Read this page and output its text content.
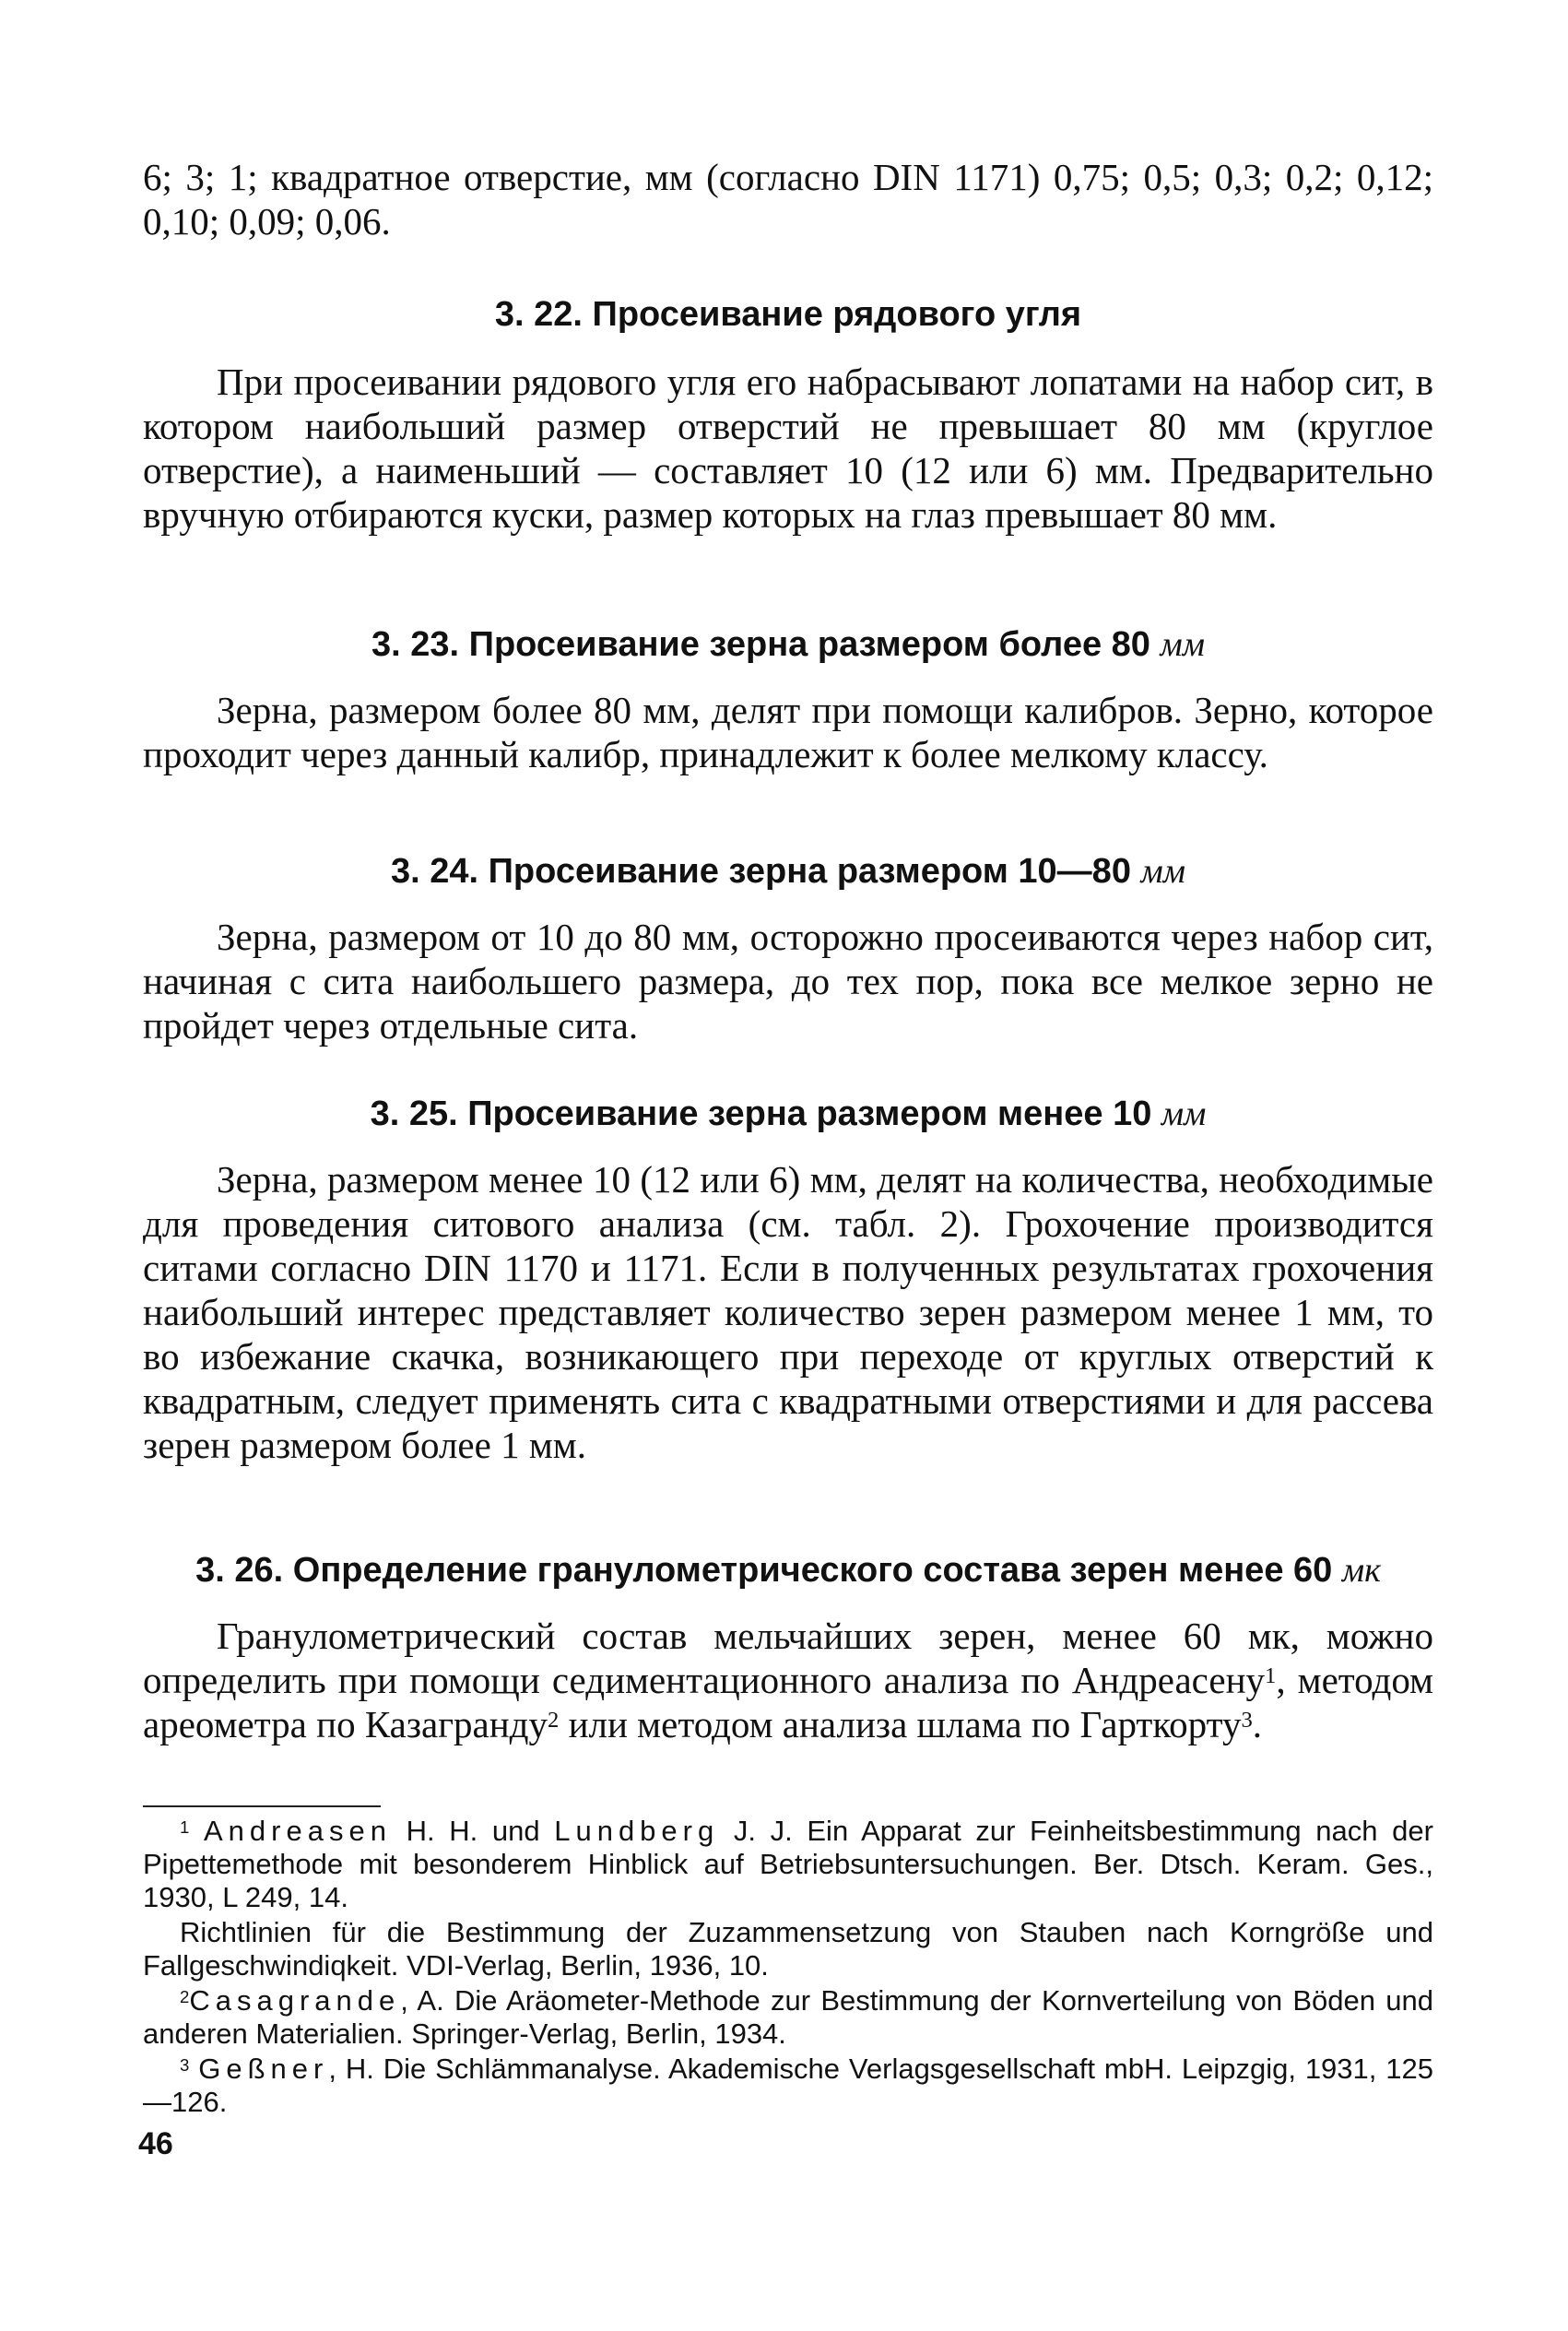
6; 3; 1; квадратное отверстие, мм (согласно DIN 1171) 0,75; 0,5; 0,3; 0,2; 0,12; 0,10; 0,09; 0,06.

3. 22. Просеивание рядового угля

При просеивании рядового угля его набрасывают лопатами на набор сит, в котором наибольший размер отверстий не превышает 80 мм (круглое отверстие), а наименьший — составляет 10 (12 или 6) мм. Предварительно вручную отбираются куски, размер которых на глаз превышает 80 мм.

3. 23. Просеивание зерна размером более 80 мм

Зерна, размером более 80 мм, делят при помощи калибров. Зерно, которое проходит через данный калибр, принадлежит к более мелкому классу.

3. 24. Просеивание зерна размером 10—80 мм

Зерна, размером от 10 до 80 мм, осторожно просеиваются через набор сит, начиная с сита наибольшего размера, до тех пор, пока все мелкое зерно не пройдет через отдельные сита.

3. 25. Просеивание зерна размером менее 10 мм

Зерна, размером менее 10 (12 или 6) мм, делят на количества, необходимые для проведения ситового анализа (см. табл. 2). Грохочение производится ситами согласно DIN 1170 и 1171. Если в полученных результатах грохочения наибольший интерес представляет количество зерен размером менее 1 мм, то во избежание скачка, возникающего при переходе от круглых отверстий к квадратным, следует применять сита с квадратными отверстиями и для рассева зерен размером более 1 мм.

3. 26. Определение гранулометрического состава зерен менее 60 мк

Гранулометрический состав мельчайших зерен, менее 60 мк, можно определить при помощи седиментационного анализа по Андреасену$^1$, методом ареометра по Казагранду$^2$ или методом анализа шлама по Гарткорту$^3$.

$^1$ Andreasen H. H. und Lundberg J. J. Ein Apparat zur Feinheitsbestimmung nach der Pipettemethode mit besonderem Hinblick auf Betriebsuntersuchungen. Ber. Dtsch. Keram. Ges., 1930, L 249, 14.

Richtlinien für die Bestimmung der Zuzammensetzung von Stauben nach Korngröße und Fallgeschwindiqkeit. VDI-Verlag, Berlin, 1936, 10.

$^2$Casagrande, A. Die Aräometer-Methode zur Bestimmung der Kornverteilung von Böden und anderen Materialien. Springer-Verlag, Berlin, 1934.

$^3$ Geßner, H. Die Schlämmanalyse. Akademische Verlagsgesellschaft mbH. Leipzgig, 1931, 125—126.

46
